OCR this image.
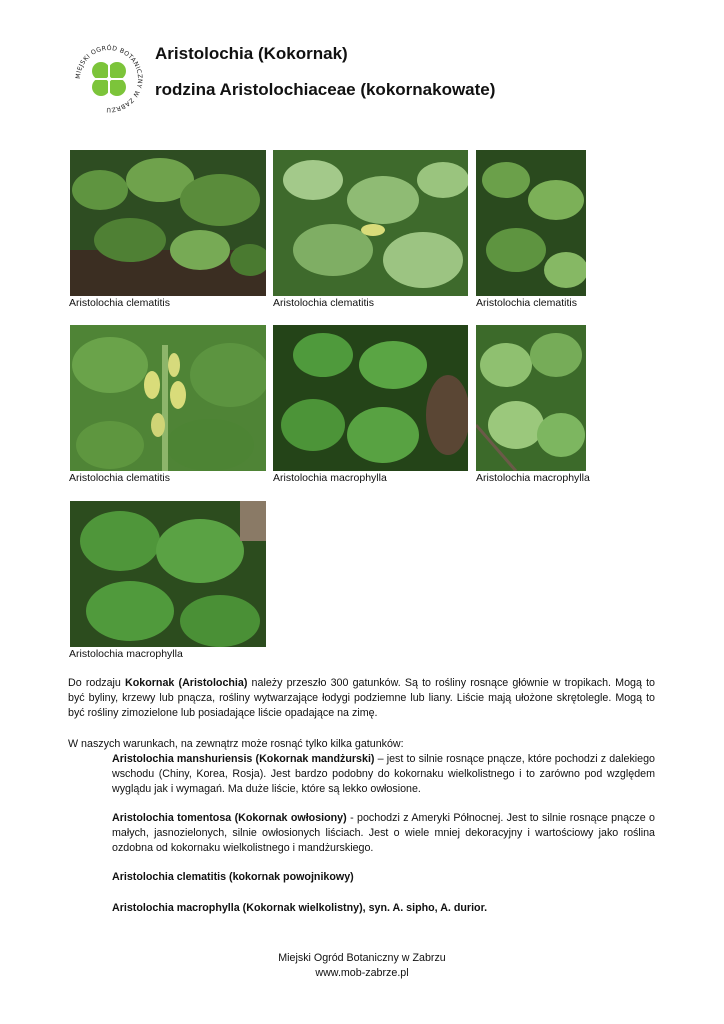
MIEJSKI OGRÓD BOTANICZNY W ZABRZU
Aristolochia (Kokornak)
rodzina Aristolochiaceae (kokornakowate)
Aristolochia clematitis	Aristolochia clematitis	Aristolochia clematitis
Aristolochia clematitis	Aristolochia macrophylla	Aristolochia macrophylla
Aristolochia macrophylla

Do rodzaju Kokornak (Aristolochia) należy przeszło 300 gatunków. Są to rośliny rosnące głównie w tropikach. Mogą to być byliny, krzewy lub pnącza, rośliny wytwarzające łodygi podziemne lub liany. Liście mają ułożone skrętolegle. Mogą to być rośliny zimozielone lub posiadające liście opadające na zimę.

W naszych warunkach, na zewnątrz może rosnąć tylko kilka gatunków:

Aristolochia manshuriensis (Kokornak mandżurski) – jest to silnie rosnące pnącze, które pochodzi z dalekiego wschodu (Chiny, Korea, Rosja). Jest bardzo podobny do kokornaku wielkolistnego i to zarówno pod względem wyglądu jak i wymagań. Ma duże liście, które są lekko owłosione.

Aristolochia tomentosa (Kokornak owłosiony) - pochodzi z Ameryki Północnej. Jest to silnie rosnące pnącze o małych, jasnozielonych, silnie owłosionych liściach. Jest o wiele mniej dekoracyjny i wartościowy jako roślina ozdobna od kokornaku wielkolistnego i mandżurskiego.

Aristolochia clematitis (kokornak powojnikowy)

Aristolochia macrophylla (Kokornak wielkolistny), syn. A. sipho, A. durior.

Miejski Ogród Botaniczny w Zabrzu
www.mob-zabrze.pl
